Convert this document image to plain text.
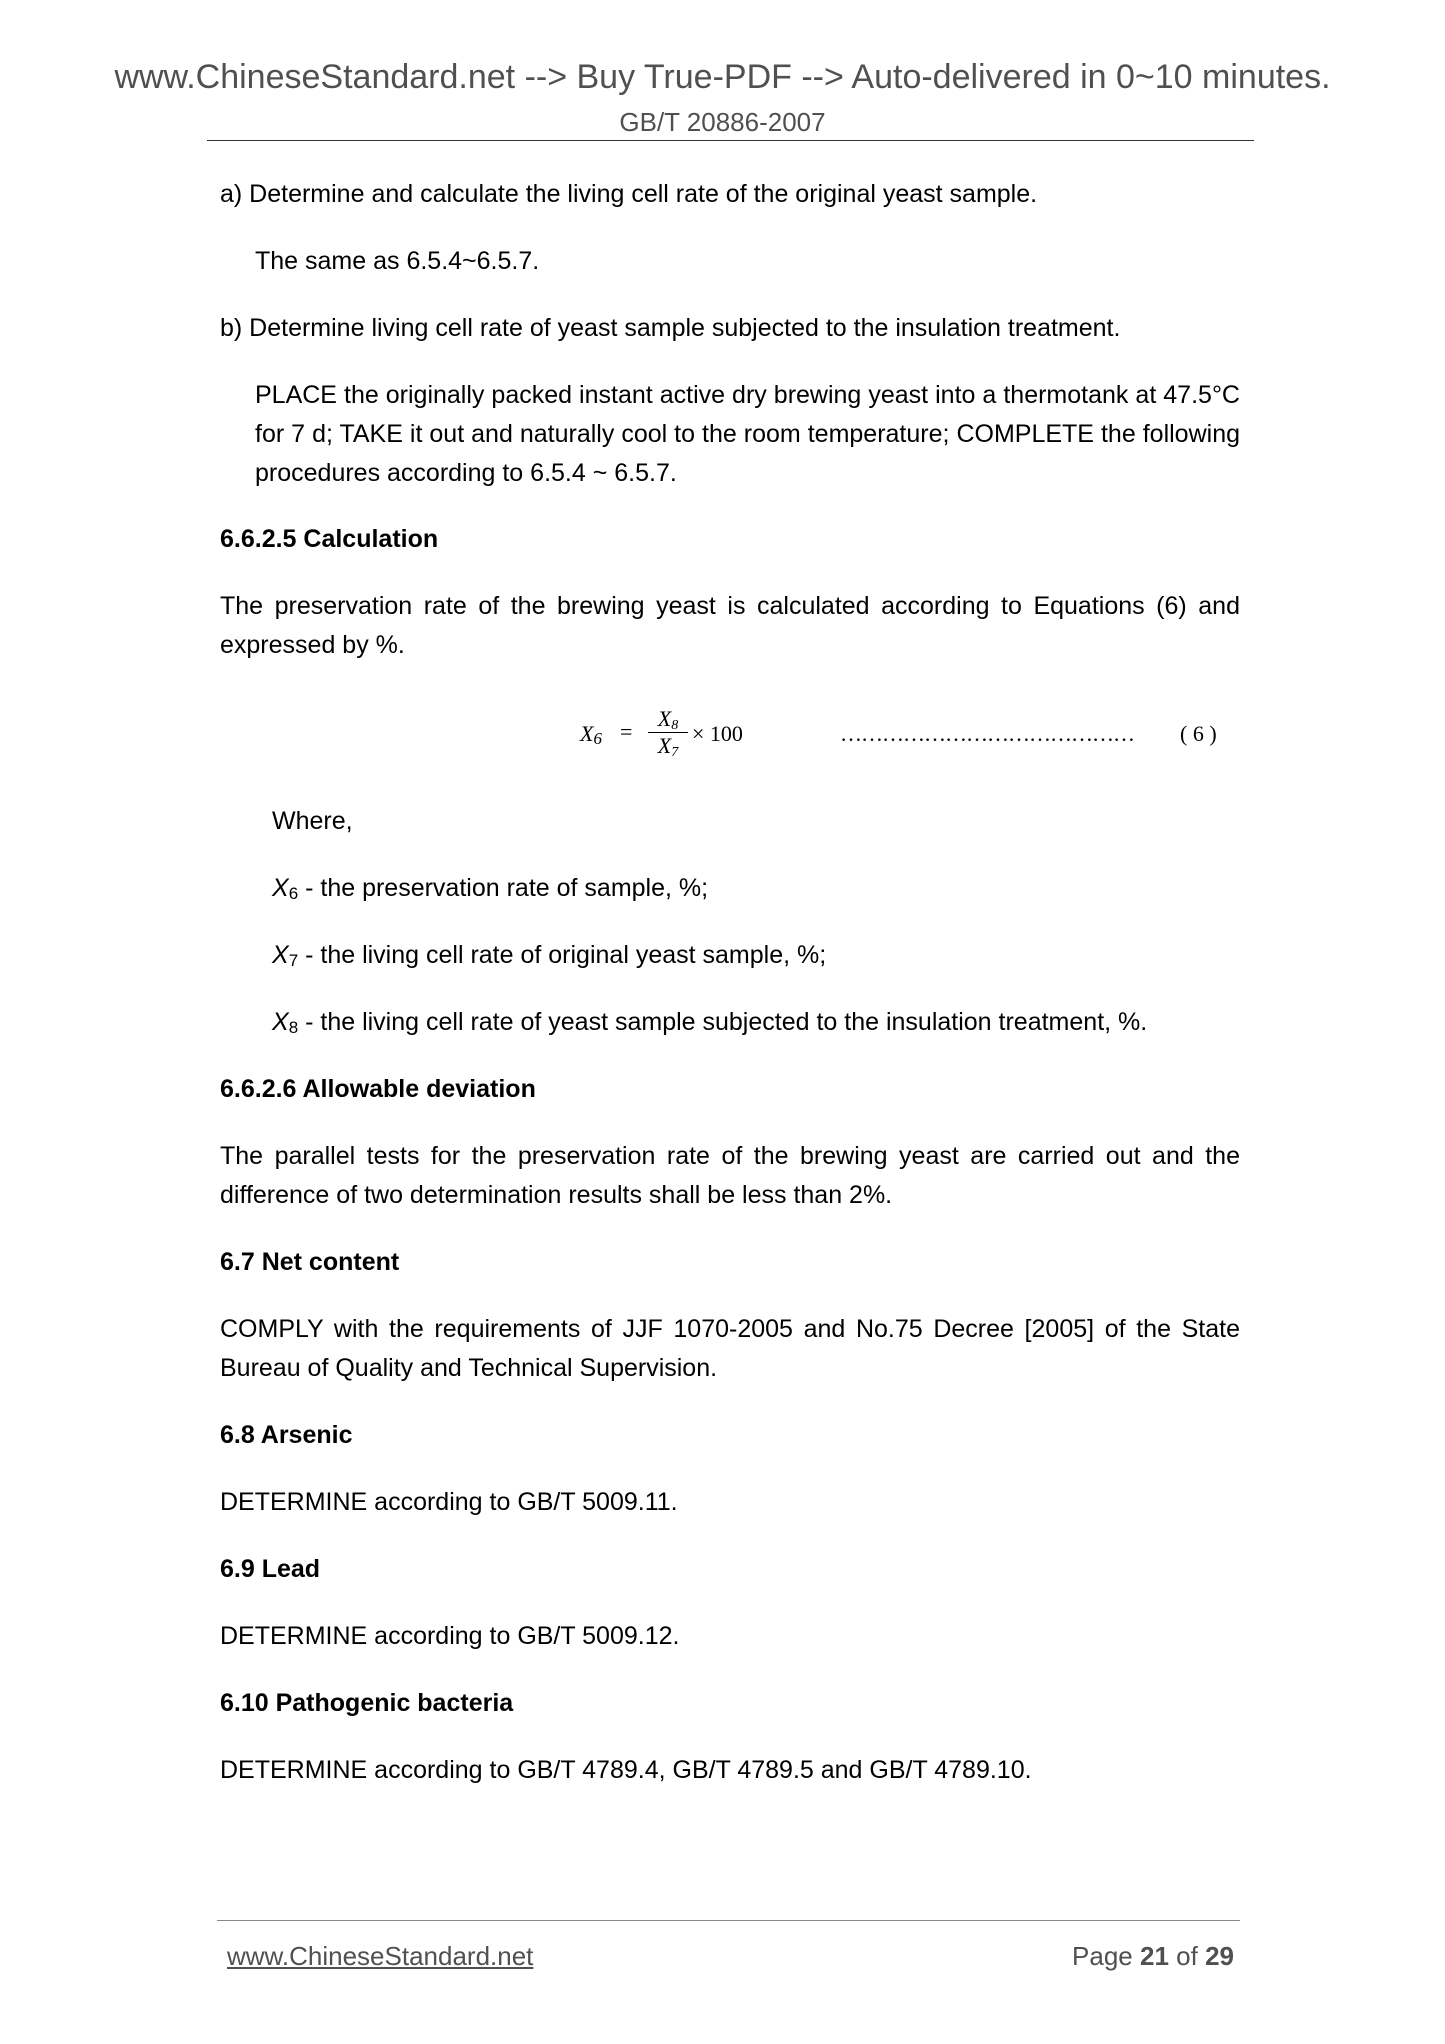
www.ChineseStandard.net --> Buy True-PDF --> Auto-delivered in 0~10 minutes.
GB/T 20886-2007

a) Determine and calculate the living cell rate of the original yeast sample.

The same as 6.5.4~6.5.7.

b) Determine living cell rate of yeast sample subjected to the insulation treatment.

PLACE the originally packed instant active dry brewing yeast into a thermotank at 47.5°C for 7 d; TAKE it out and naturally cool to the room temperature; COMPLETE the following procedures according to 6.5.4 ~ 6.5.7.

6.6.2.5 Calculation

The preservation rate of the brewing yeast is calculated according to Equations (6) and expressed by %.

$X_6 = \frac{X_8}{X_7} \times 100$	…………………………………… ( 6 )

Where,

$X_6$ - the preservation rate of sample, %;

$X_7$ - the living cell rate of original yeast sample, %;

$X_8$ - the living cell rate of yeast sample subjected to the insulation treatment, %.

6.6.2.6 Allowable deviation

The parallel tests for the preservation rate of the brewing yeast are carried out and the difference of two determination results shall be less than 2%.

6.7 Net content

COMPLY with the requirements of JJF 1070-2005 and No.75 Decree [2005] of the State Bureau of Quality and Technical Supervision.

6.8 Arsenic

DETERMINE according to GB/T 5009.11.

6.9 Lead

DETERMINE according to GB/T 5009.12.

6.10 Pathogenic bacteria

DETERMINE according to GB/T 4789.4, GB/T 4789.5 and GB/T 4789.10.

www.ChineseStandard.net	Page 21 of 29
